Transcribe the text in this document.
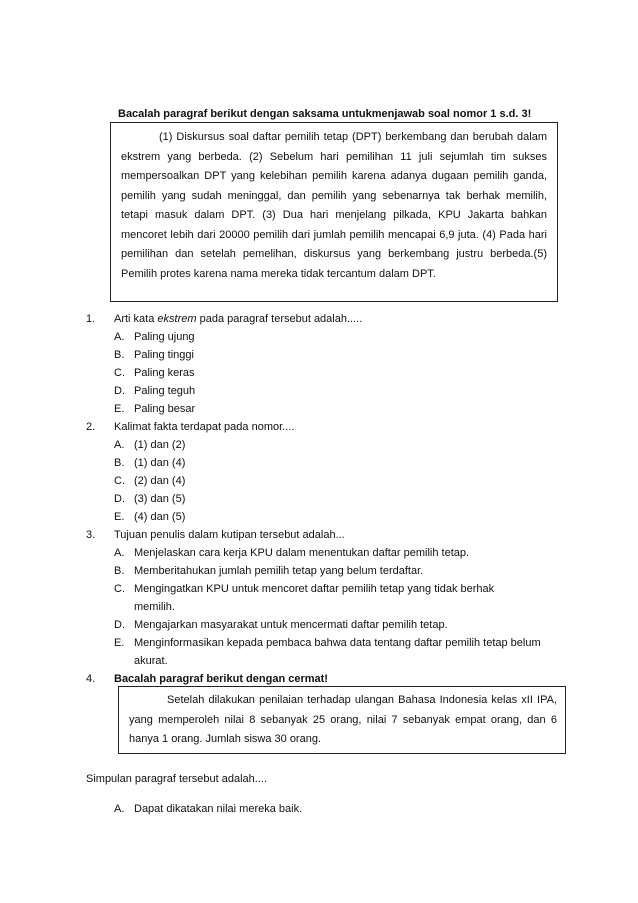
Bacalah paragraf berikut dengan saksama untukmenjawab soal nomor 1 s.d. 3!

(1) Diskursus soal daftar pemilih tetap (DPT) berkembang dan berubah dalam ekstrem yang berbeda. (2) Sebelum hari pemilihan 11 juli sejumlah tim sukses mempersoalkan DPT yang kelebihan pemilih karena adanya dugaan pemilih ganda, pemilih yang sudah meninggal, dan pemilih yang sebenarnya tak berhak memilih, tetapi masuk dalam DPT. (3) Dua hari menjelang pilkada, KPU Jakarta bahkan mencoret lebih dari 20000 pemilih dari jumlah pemilih mencapai 6,9 juta. (4) Pada hari pemilihan dan setelah pemelihan, diskursus yang berkembang justru berbeda.(5) Pemilih protes karena nama mereka tidak tercantum dalam DPT.

1.	Arti kata ekstrem pada paragraf tersebut adalah.....
A. Paling ujung
B. Paling tinggi
C. Paling keras
D. Paling teguh
E. Paling besar
2.	Kalimat fakta terdapat pada nomor....
A. (1) dan (2)
B. (1) dan (4)
C. (2) dan (4)
D. (3) dan (5)
E. (4) dan (5)
3.	Tujuan penulis dalam kutipan tersebut adalah...
A. Menjelaskan cara kerja KPU dalam menentukan daftar pemilih tetap.
B. Memberitahukan jumlah pemilih tetap yang belum terdaftar.
C. Mengingatkan KPU untuk mencoret daftar pemilih tetap yang tidak berhak memilih.
D. Mengajarkan masyarakat untuk mencermati daftar pemilih tetap.
E. Menginformasikan kepada pembaca bahwa data tentang daftar pemilih tetap belum akurat.
4.	Bacalah paragraf berikut dengan cermat!

Setelah dilakukan penilaian terhadap ulangan Bahasa Indonesia kelas xII IPA, yang memperoleh nilai 8 sebanyak 25 orang, nilai 7 sebanyak empat orang, dan 6 hanya 1 orang. Jumlah siswa 30 orang.

Simpulan paragraf tersebut adalah....
A. Dapat dikatakan nilai mereka baik.
